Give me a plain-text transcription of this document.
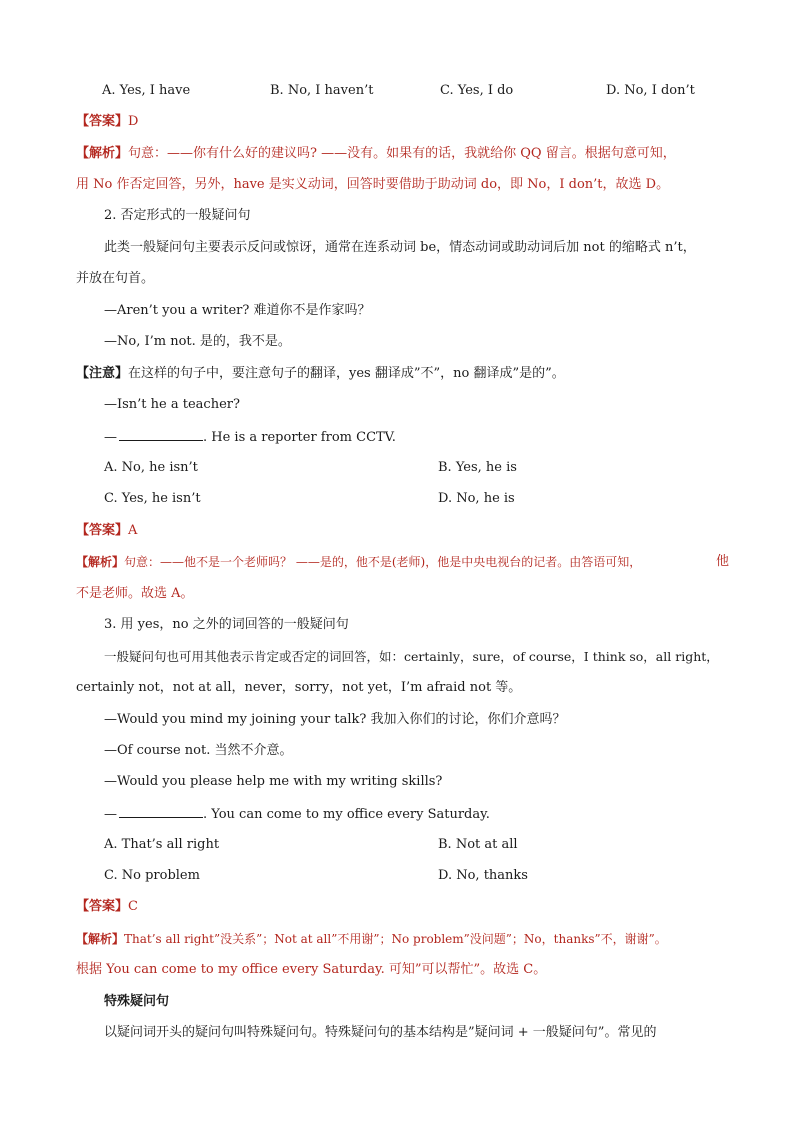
A. Yes, I have	B. No, I haven’t	C. Yes, I do	D. No, I don’t
【答案】D
【解析】句意：——你有什么好的建议吗? ——没有。如果有的话，我就给你 QQ 留言。根据句意可知，
用 No 作否定回答，另外，have 是实义动词，回答时要借助于助动词 do，即 No，I don’t，故选 D。
2. 否定形式的一般疑问句
此类一般疑问句主要表示反问或惊讶，通常在连系动词 be，情态动词或助动词后加 not 的缩略式 n’t，
并放在句首。
—Aren’t you a writer? 难道你不是作家吗？
—No, I’m not. 是的，我不是。
【注意】在这样的句子中，要注意句子的翻译，yes 翻译成”不”，no 翻译成”是的”。
—Isn’t he a teacher?
—	. He is a reporter from CCTV.
A. No, he isn’t	B. Yes, he is
C. Yes, he isn’t	D. No, he is
【答案】A
【解析】句意：——他不是一个老师吗？ ——是的，他不是(老师)，他是中央电视台的记者。由答语可知，	他
不是老师。故选 A。
3. 用 yes，no 之外的词回答的一般疑问句
一般疑问句也可用其他表示肯定或否定的词回答，如：certainly，sure，of course，I think so，all right，
certainly not，not at all，never，sorry，not yet，I’m afraid not 等。
—Would you mind my joining your talk? 我加入你们的讨论，你们介意吗？
—Of course not. 当然不介意。
—Would you please help me with my writing skills?
—	. You can come to my office every Saturday.
A. That’s all right	B. Not at all
C. No problem	D. No, thanks
【答案】C
【解析】That’s all right”没关系”；Not at all”不用谢”；No problem”没问题”；No，thanks”不，谢谢”。
根据 You can come to my office every Saturday. 可知”可以帮忙”。故选 C。
特殊疑问句
以疑问词开头的疑问句叫特殊疑问句。特殊疑问句的基本结构是”疑问词 + 一般疑问句”。常见的
